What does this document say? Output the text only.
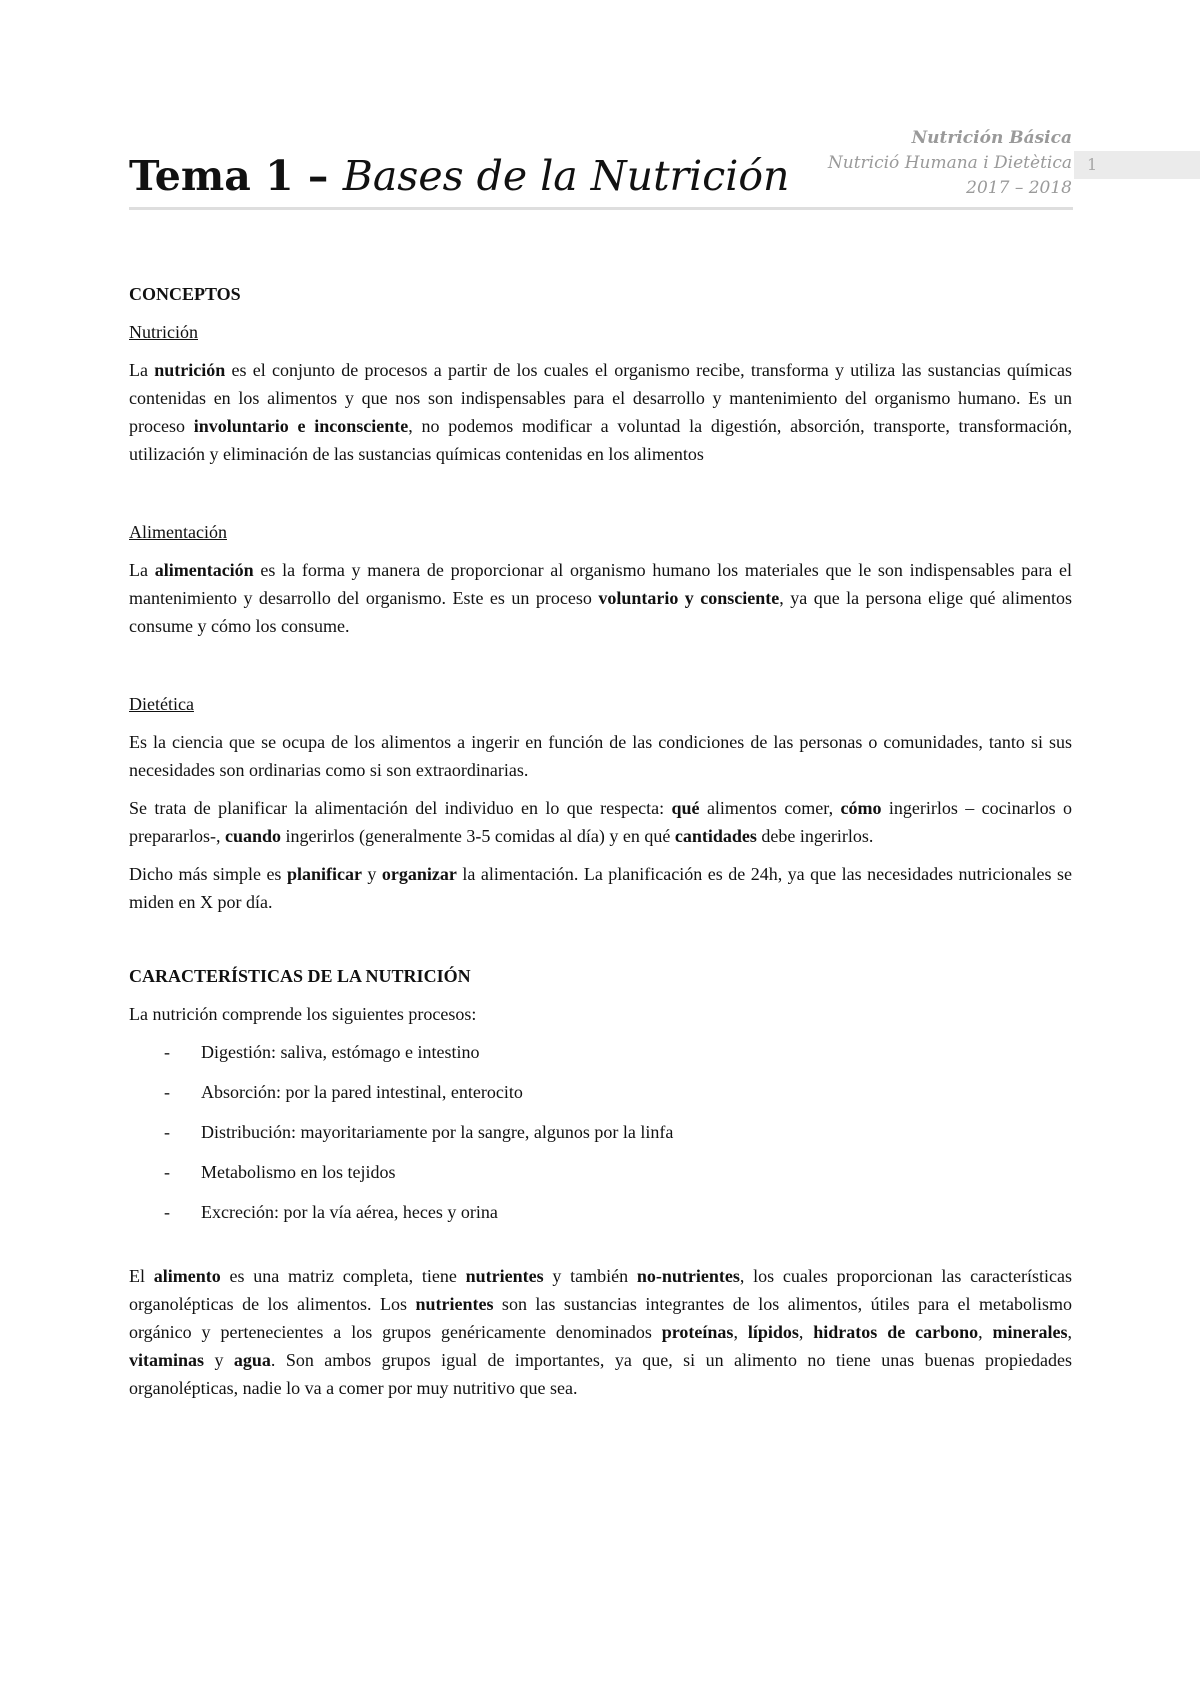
Tema 1 – Bases de la Nutrición
Nutrición Básica
Nutrició Humana i Dietètica
2017 – 2018
1
CONCEPTOS
Nutrición

La nutrición es el conjunto de procesos a partir de los cuales el organismo recibe, transforma y utiliza las sustancias químicas contenidas en los alimentos y que nos son indispensables para el desarrollo y mantenimiento del organismo humano. Es un proceso involuntario e inconsciente, no podemos modificar a voluntad la digestión, absorción, transporte, transformación, utilización y eliminación de las sustancias químicas contenidas en los alimentos

Alimentación

La alimentación es la forma y manera de proporcionar al organismo humano los materiales que le son indispensables para el mantenimiento y desarrollo del organismo. Este es un proceso voluntario y consciente, ya que la persona elige qué alimentos consume y cómo los consume.

Dietética

Es la ciencia que se ocupa de los alimentos a ingerir en función de las condiciones de las personas o comunidades, tanto si sus necesidades son ordinarias como si son extraordinarias.

Se trata de planificar la alimentación del individuo en lo que respecta: qué alimentos comer, cómo ingerirlos – cocinarlos o prepararlos-, cuando ingerirlos (generalmente 3-5 comidas al día) y en qué cantidades debe ingerirlos.

Dicho más simple es planificar y organizar la alimentación. La planificación es de 24h, ya que las necesidades nutricionales se miden en X por día.

CARACTERÍSTICAS DE LA NUTRICIÓN

La nutrición comprende los siguientes procesos:

- Digestión: saliva, estómago e intestino
- Absorción: por la pared intestinal, enterocito
- Distribución: mayoritariamente por la sangre, algunos por la linfa
- Metabolismo en los tejidos
- Excreción: por la vía aérea, heces y orina

El alimento es una matriz completa, tiene nutrientes y también no-nutrientes, los cuales proporcionan las características organolépticas de los alimentos. Los nutrientes son las sustancias integrantes de los alimentos, útiles para el metabolismo orgánico y pertenecientes a los grupos genéricamente denominados proteínas, lípidos, hidratos de carbono, minerales, vitaminas y agua. Son ambos grupos igual de importantes, ya que, si un alimento no tiene unas buenas propiedades organolépticas, nadie lo va a comer por muy nutritivo que sea.
